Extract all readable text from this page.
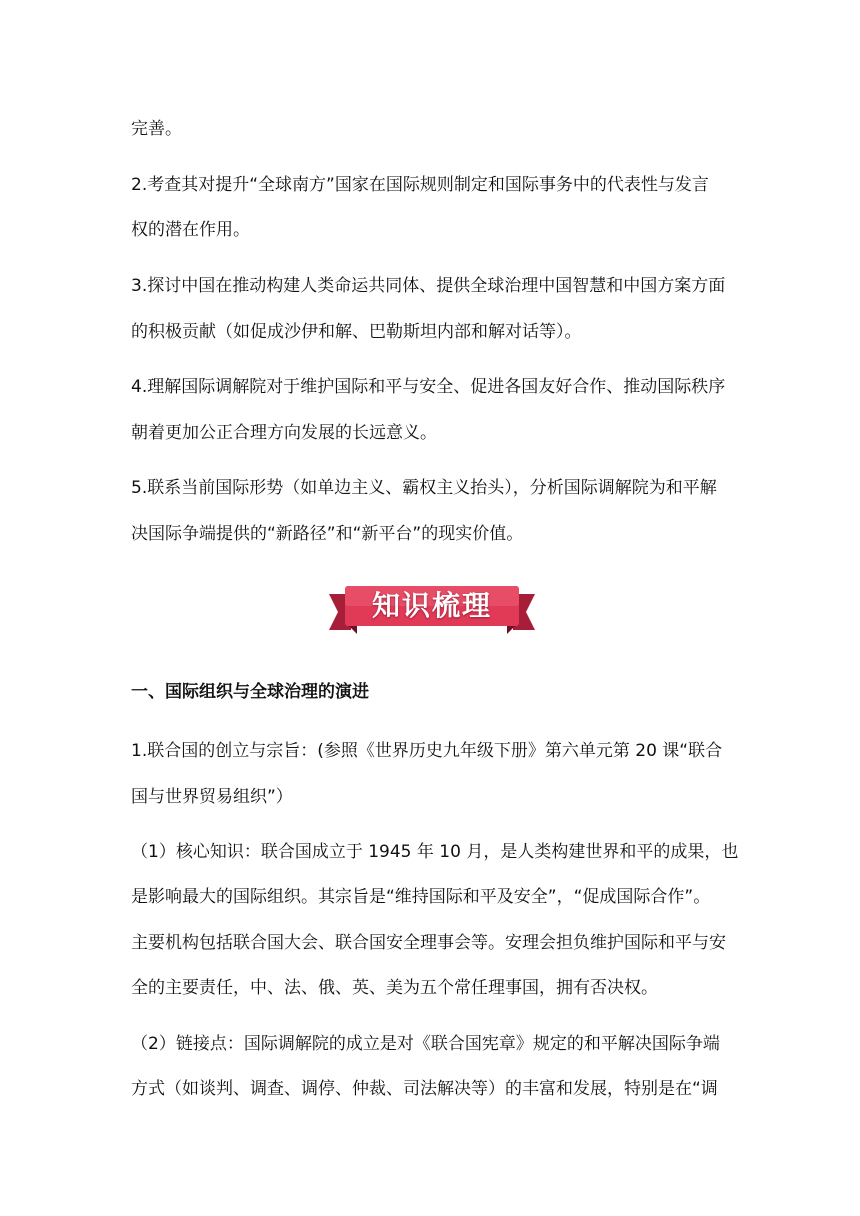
完善。

2.考查其对提升“全球南方”国家在国际规则制定和国际事务中的代表性与发言

权的潜在作用。

3.探讨中国在推动构建人类命运共同体、提供全球治理中国智慧和中国方案方面

的积极贡献（如促成沙伊和解、巴勒斯坦内部和解对话等）。

4.理解国际调解院对于维护国际和平与安全、促进各国友好合作、推动国际秩序

朝着更加公正合理方向发展的长远意义。

5.联系当前国际形势（如单边主义、霸权主义抬头），分析国际调解院为和平解

决国际争端提供的“新路径”和“新平台”的现实价值。

知识梳理

一、国际组织与全球治理的演进

1.联合国的创立与宗旨：(参照《世界历史九年级下册》第六单元第 20 课“联合

国与世界贸易组织”）

（1）核心知识：联合国成立于 1945 年 10 月，是人类构建世界和平的成果，也

是影响最大的国际组织。其宗旨是“维持国际和平及安全”，“促成国际合作”。

主要机构包括联合国大会、联合国安全理事会等。安理会担负维护国际和平与安

全的主要责任，中、法、俄、英、美为五个常任理事国，拥有否决权。

（2）链接点：国际调解院的成立是对《联合国宪章》规定的和平解决国际争端

方式（如谈判、调查、调停、仲裁、司法解决等）的丰富和发展，特别是在“调
